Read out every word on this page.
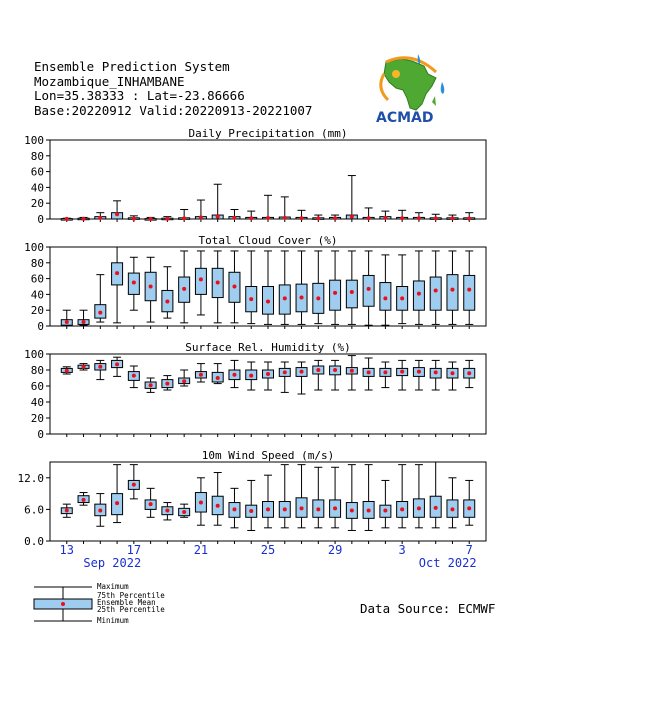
Ensemble Prediction System
Mozambique_INHAMBANE
Lon=35.38333 : Lat=-23.86666
Base:20220912 Valid:20220913-20221007	ACMAD
Daily Precipitation (mm)
0
20
40
60
80
100
Total Cloud Cover (%)
0
20
40
60
80
100
Surface Rel. Humidity (%)
0
20
40
60
80
100
10m Wind Speed (m/s)
0.0
6.0
12.0
13	17	21	25	29	3	7
Sep 2022	Oct 2022
Maximum
75th Percentile
Ensemble Mean
25th Percentile
Minimum
Data Source: ECMWF
